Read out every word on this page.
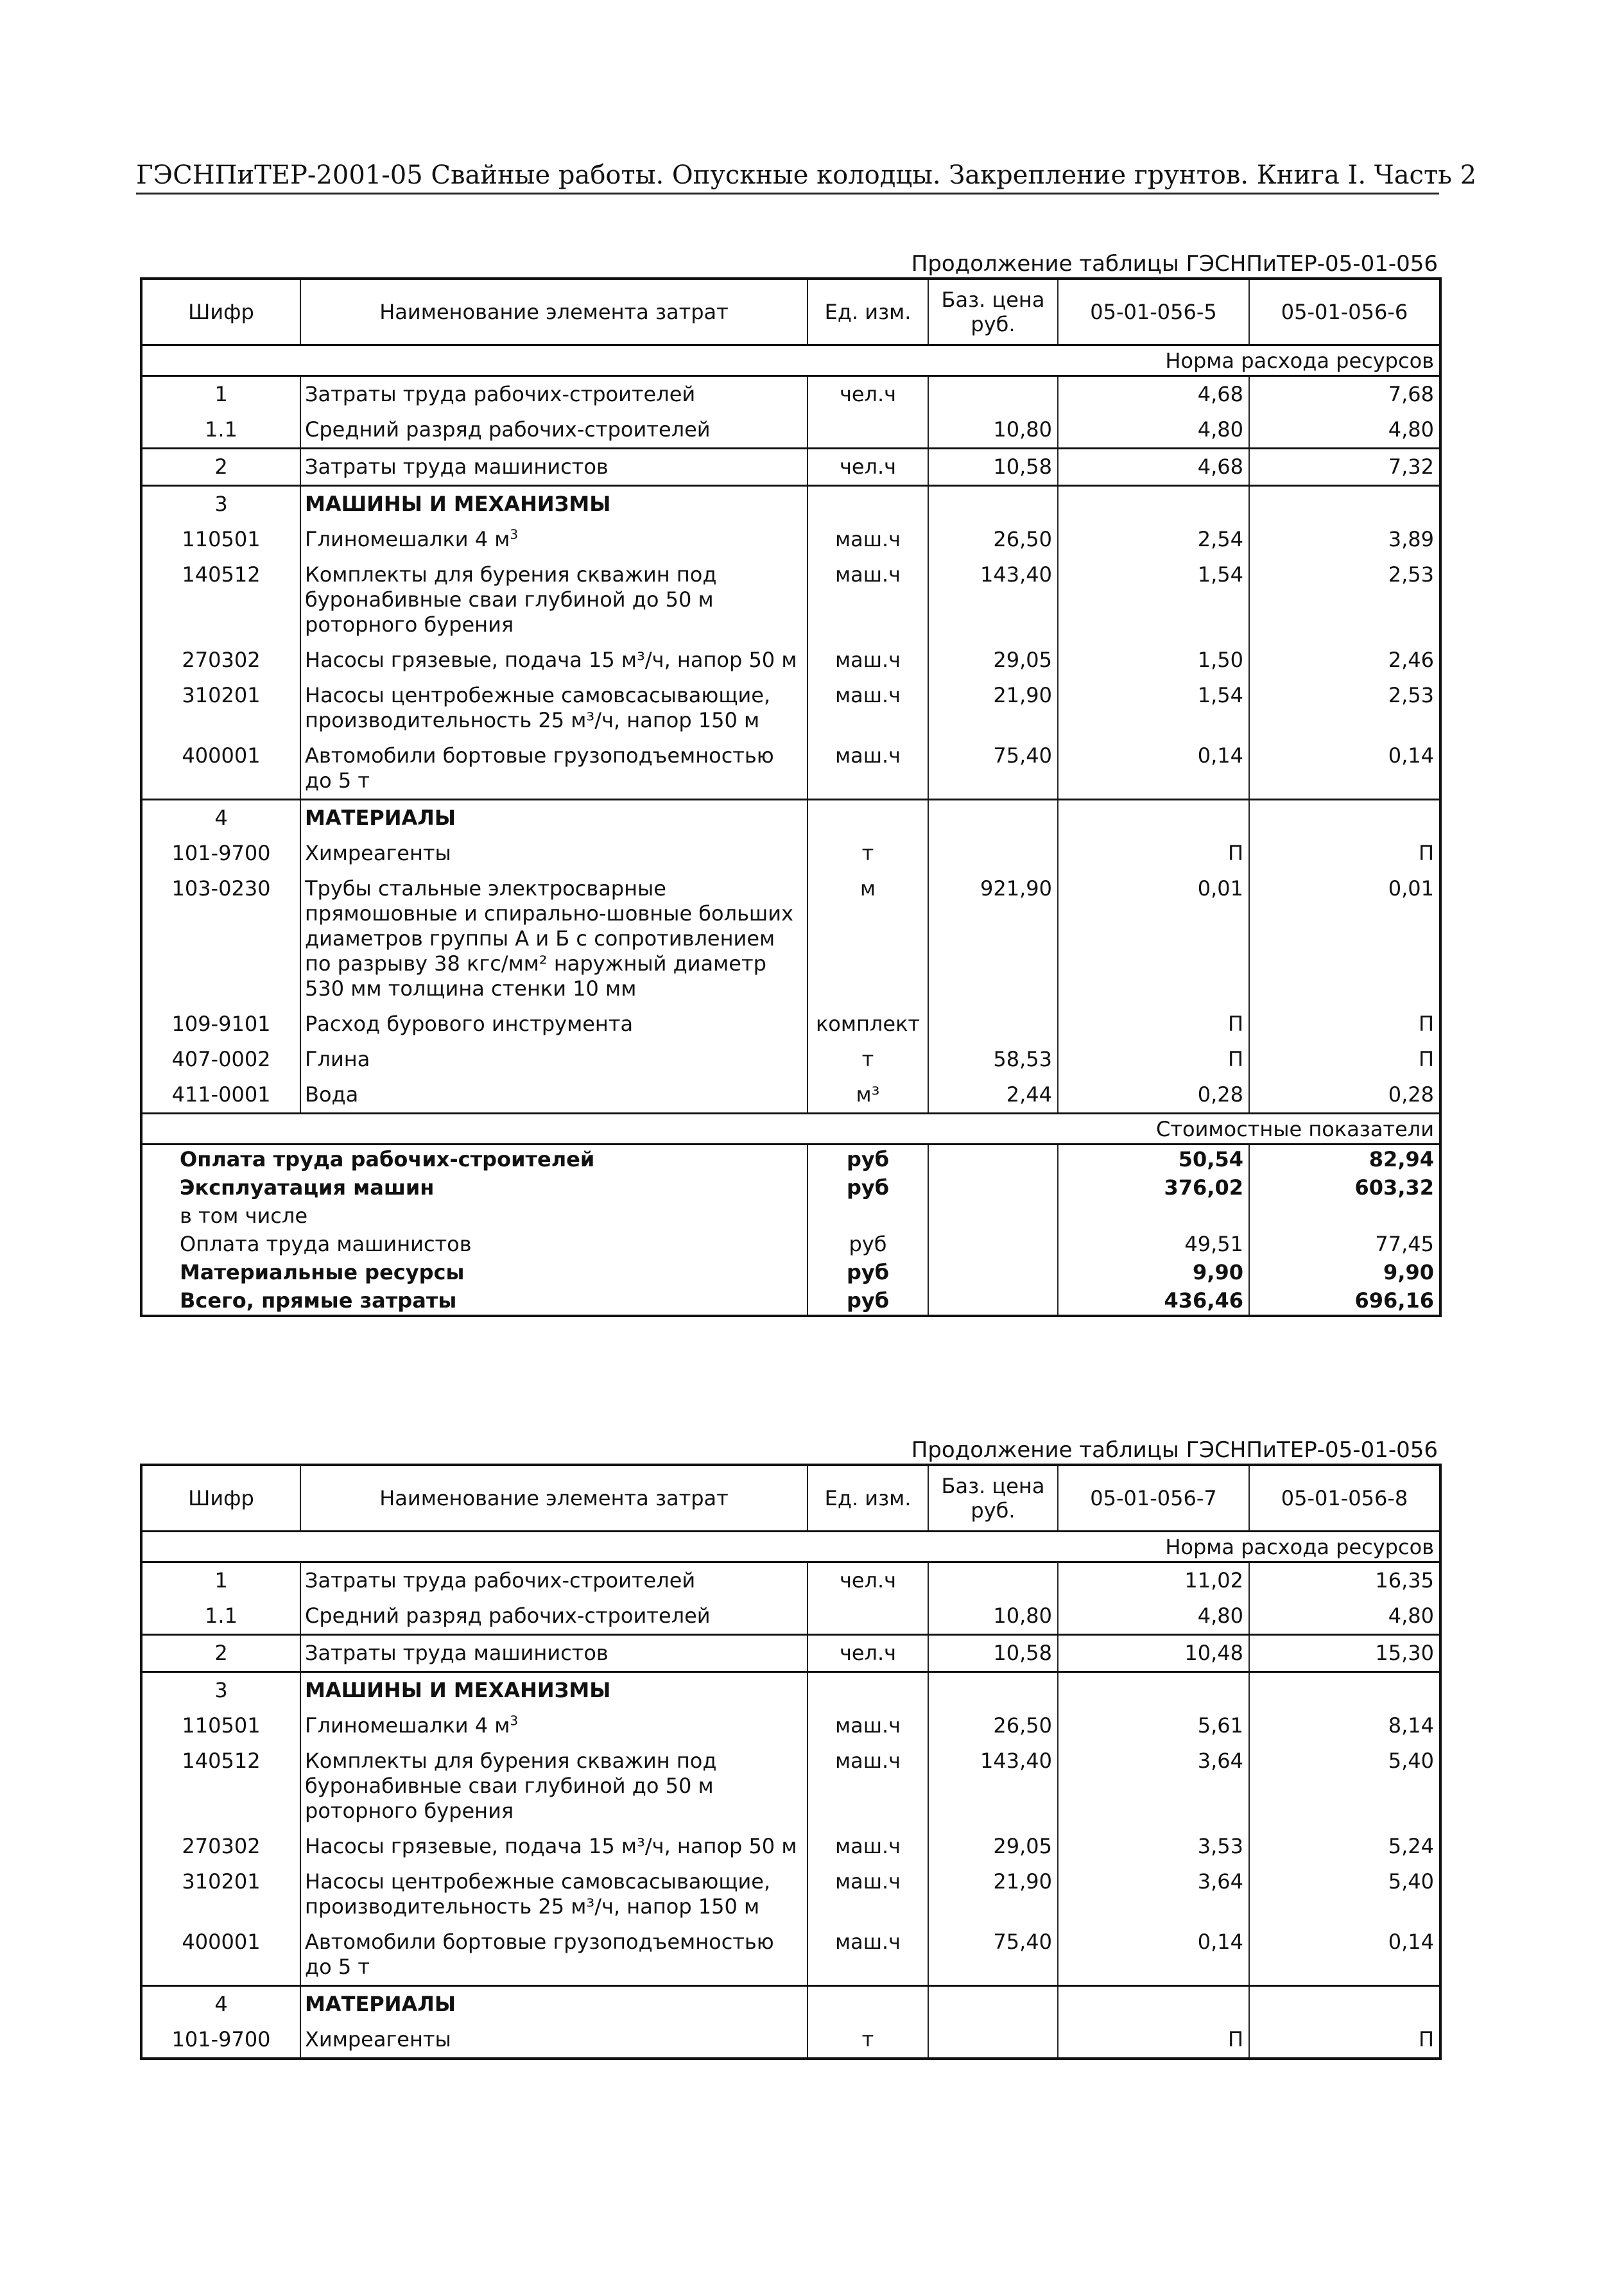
ГЭСНПиТЕР-2001-05 Свайные работы. Опускные колодцы. Закрепление грунтов. Книга I. Часть 2
Продолжение таблицы ГЭСНПиТЕР-05-01-056
Шифр	Наименование элемента затрат	Ед. изм.	Баз. цена руб.	05-01-056-5	05-01-056-6
Норма расхода ресурсов					
1	Затраты труда рабочих-строителей	чел.ч		4,68	7,68
1.1	Средний разряд рабочих-строителей		10,80	4,80	4,80
2	Затраты труда машинистов	чел.ч	10,58	4,68	7,32
3	МАШИНЫ И МЕХАНИЗМЫ				
110501	Глиномешалки 4 $м^3$	маш.ч	26,50	2,54	3,89
140512	Комплекты для бурения скважин под буронабивные сваи глубиной до 50 м роторного бурения	маш.ч	143,40	1,54	2,53
270302	Насосы грязевые, подача 15 м³/ч, напор 50 м	маш.ч	29,05	1,50	2,46
310201	Насосы центробежные самовсасывающие, производительность 25 м³/ч, напор 150 м	маш.ч	21,90	1,54	2,53
400001	Автомобили бортовые грузоподъемностью до 5 т	маш.ч	75,40	0,14	0,14
4	МАТЕРИАЛЫ				
101-9700	Химреагенты	т		П	П
103-0230	Трубы стальные электросварные прямошовные и спирально-шовные больших диаметров группы А и Б с сопротивлением по разрыву 38 кгс/мм² наружный диаметр 530 мм толщина стенки 10 мм	м	921,90	0,01	0,01
109-9101	Расход бурового инструмента	комплект		П	П
407-0002	Глина	т	58,53	П	П
411-0001	Вода	м³	2,44	0,28	0,28
Стоимостные показатели					
Оплата труда рабочих-строителей		руб		50,54	82,94
Эксплуатация машин		руб		376,02	603,32
в том числе					
Оплата труда машинистов		руб		49,51	77,45
Материальные ресурсы		руб		9,90	9,90
Всего, прямые затраты		руб		436,46	696,16
Продолжение таблицы ГЭСНПиТЕР-05-01-056
Шифр	Наименование элемента затрат	Ед. изм.	Баз. цена руб.	05-01-056-7	05-01-056-8
Норма расхода ресурсов					
1	Затраты труда рабочих-строителей	чел.ч		11,02	16,35
1.1	Средний разряд рабочих-строителей		10,80	4,80	4,80
2	Затраты труда машинистов	чел.ч	10,58	10,48	15,30
3	МАШИНЫ И МЕХАНИЗМЫ				
110501	Глиномешалки 4 $м^3$	маш.ч	26,50	5,61	8,14
140512	Комплекты для бурения скважин под буронабивные сваи глубиной до 50 м роторного бурения	маш.ч	143,40	3,64	5,40
270302	Насосы грязевые, подача 15 м³/ч, напор 50 м	маш.ч	29,05	3,53	5,24
310201	Насосы центробежные самовсасывающие, производительность 25 м³/ч, напор 150 м	маш.ч	21,90	3,64	5,40
400001	Автомобили бортовые грузоподъемностью до 5 т	маш.ч	75,40	0,14	0,14
4	МАТЕРИАЛЫ				
101-9700	Химреагенты	т		П	П
